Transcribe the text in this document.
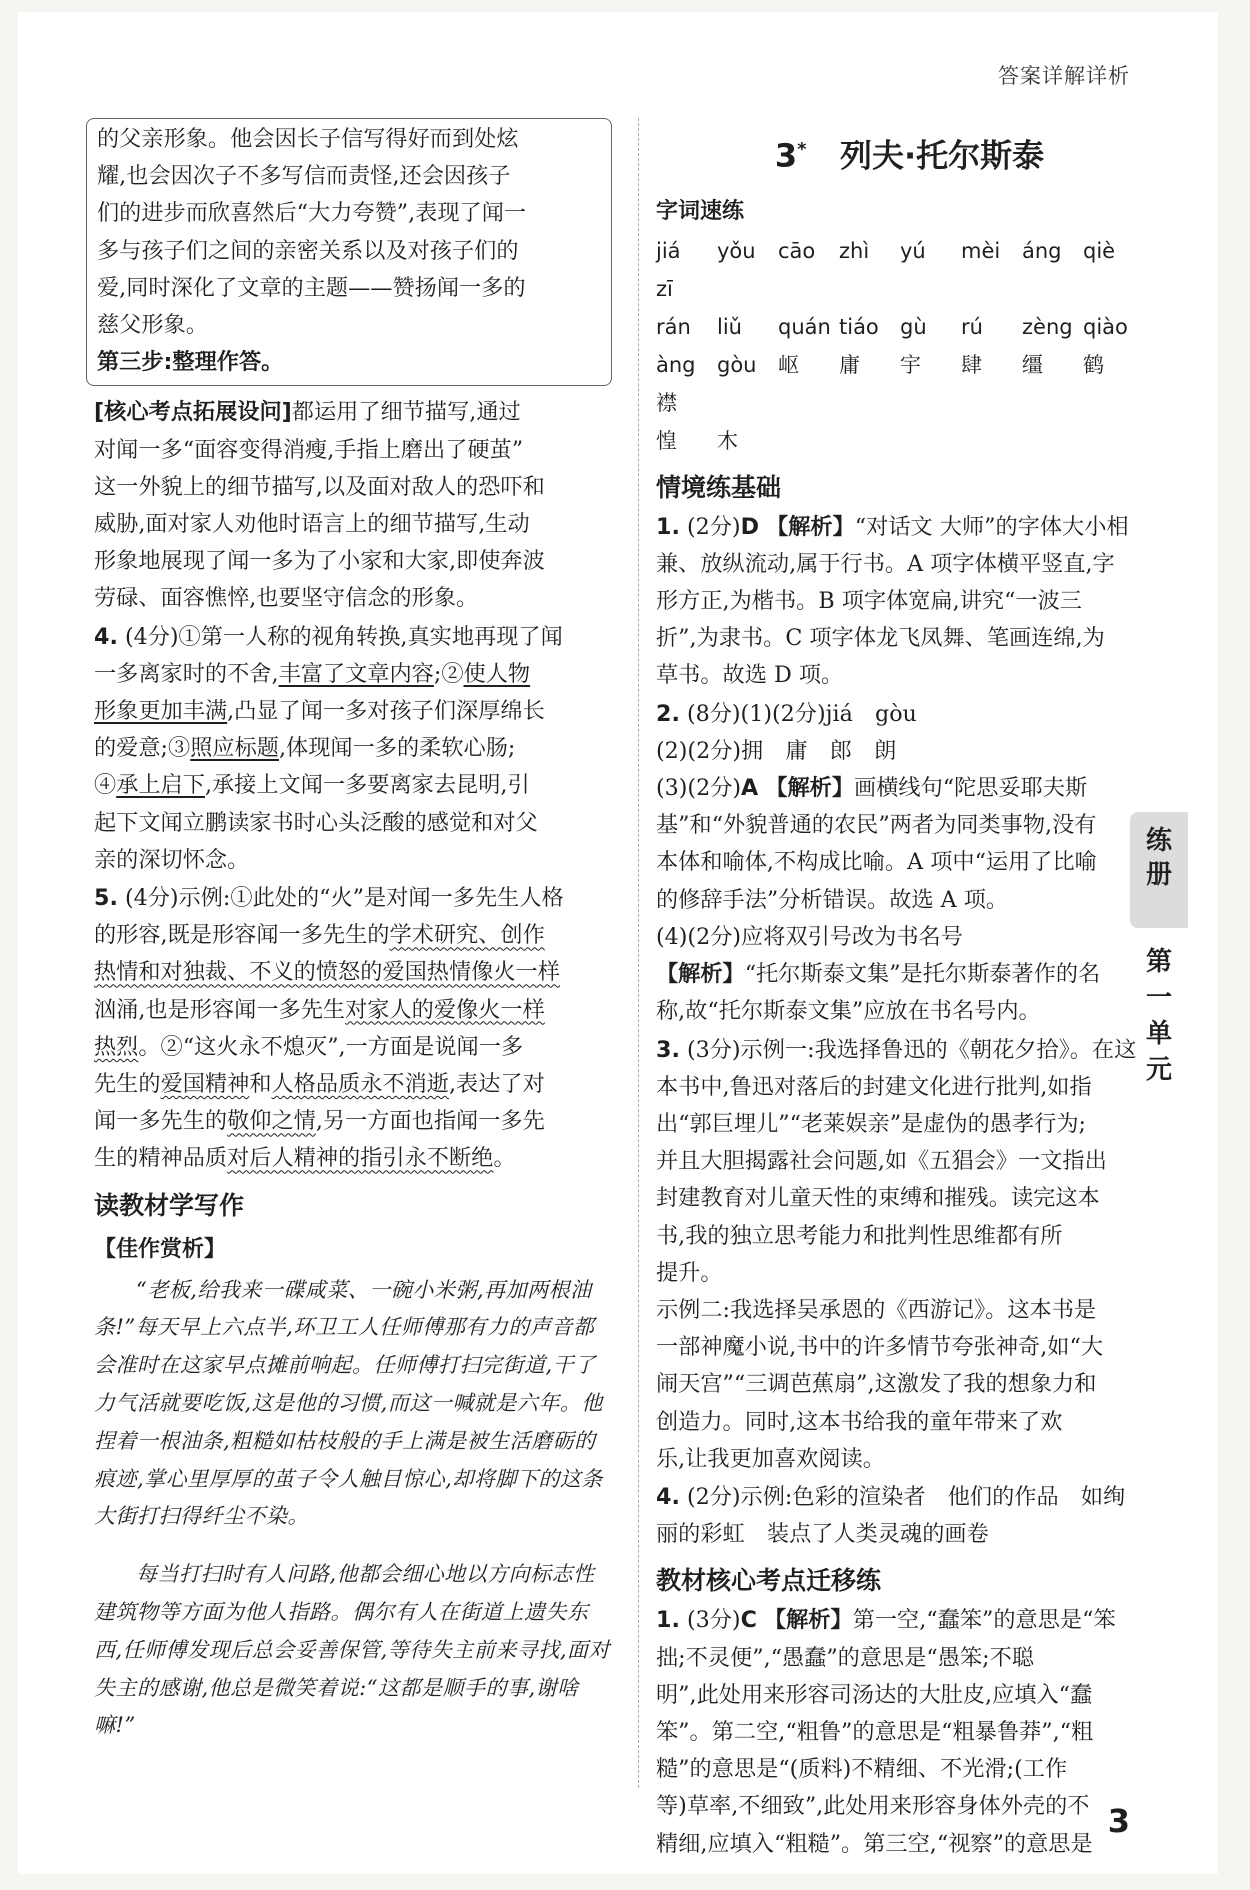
答案详解详析

的父亲形象。他会因长子信写得好而到处炫

耀,也会因次子不多写信而责怪,还会因孩子

们的进步而欣喜然后“大力夸赞”,表现了闻一

多与孩子们之间的亲密关系以及对孩子们的

爱,同时深化了文章的主题——赞扬闻一多的

慈父形象。

第三步:整理作答。

[核心考点拓展设问]都运用了细节描写,通过

对闻一多“面容变得消瘦,手指上磨出了硬茧”

这一外貌上的细节描写,以及面对敌人的恐吓和

威胁,面对家人劝他时语言上的细节描写,生动

形象地展现了闻一多为了小家和大家,即使奔波

劳碌、面容憔悴,也要坚守信念的形象。

4. (4分)①第一人称的视角转换,真实地再现了闻

一多离家时的不舍,丰富了文章内容;②使人物

形象更加丰满,凸显了闻一多对孩子们深厚绵长

的爱意;③照应标题,体现闻一多的柔软心肠;

④承上启下,承接上文闻一多要离家去昆明,引

起下文闻立鹏读家书时心头泛酸的感觉和对父

亲的深切怀念。

5. (4分)示例:①此处的“火”是对闻一多先生人格

的形容,既是形容闻一多先生的学术研究、创作

热情和对独裁、不义的愤怒的爱国热情像火一样

汹涌,也是形容闻一多先生对家人的爱像火一样

热烈。②“这火永不熄灭”,一方面是说闻一多

先生的爱国精神和人格品质永不消逝,表达了对

闻一多先生的敬仰之情,另一方面也指闻一多先

生的精神品质对后人精神的指引永不断绝。

读教材学写作
【佳作赏析】

“老板,给我来一碟咸菜、一碗小米粥,再加两根油条!”每天早上六点半,环卫工人任师傅那有力的声音都会准时在这家早点摊前响起。任师傅打扫完街道,干了力气活就要吃饭,这是他的习惯,而这一喊就是六年。他捏着一根油条,粗糙如枯枝般的手上满是被生活磨砺的痕迹,掌心里厚厚的茧子令人触目惊心,却将脚下的这条大街打扫得纤尘不染。

每当打扫时有人问路,他都会细心地以方向标志性建筑物等方面为他人指路。偶尔有人在街道上遗失东西,任师傅发现后总会妥善保管,等待失主前来寻找,面对失主的感谢,他总是微笑着说:“这都是顺手的事,谢啥嘛!”

3* 列夫·托尔斯泰
字词速练
jiá yǒu cāo zhì yú mèi áng qièzī
rán liǔ quán tiáo gù rú zèng qiào
àng gòu 岖 庸 宇 肆 缰 鹤襟
惶 木
情境练基础

1. (2分)D 【解析】“对话文 大师”的字体大小相

兼、放纵流动,属于行书。A 项字体横平竖直,字

形方正,为楷书。B 项字体宽扁,讲究“一波三

折”,为隶书。C 项字体龙飞凤舞、笔画连绵,为

草书。故选 D 项。

2. (8分)(1)(2分)jiá　gòu

(2)(2分)拥　庸　郎　朗

(3)(2分)A 【解析】画横线句“陀思妥耶夫斯

基”和“外貌普通的农民”两者为同类事物,没有

本体和喻体,不构成比喻。A 项中“运用了比喻

的修辞手法”分析错误。故选 A 项。

(4)(2分)应将双引号改为书名号

【解析】“托尔斯泰文集”是托尔斯泰著作的名

称,故“托尔斯泰文集”应放在书名号内。

3. (3分)示例一:我选择鲁迅的《朝花夕拾》。在这

本书中,鲁迅对落后的封建文化进行批判,如指

出“郭巨埋儿”“老莱娱亲”是虚伪的愚孝行为;

并且大胆揭露社会问题,如《五猖会》一文指出

封建教育对儿童天性的束缚和摧残。读完这本

书,我的独立思考能力和批判性思维都有所

提升。

示例二:我选择吴承恩的《西游记》。这本书是

一部神魔小说,书中的许多情节夸张神奇,如“大

闹天宫”“三调芭蕉扇”,这激发了我的想象力和

创造力。同时,这本书给我的童年带来了欢

乐,让我更加喜欢阅读。

4. (2分)示例:色彩的渲染者　他们的作品　如绚

丽的彩虹　装点了人类灵魂的画卷

教材核心考点迁移练

1. (3分)C 【解析】第一空,“蠢笨”的意思是“笨

拙;不灵便”,“愚蠢”的意思是“愚笨;不聪

明”,此处用来形容司汤达的大肚皮,应填入“蠢

笨”。第二空,“粗鲁”的意思是“粗暴鲁莽”,“粗

糙”的意思是“(质料)不精细、不光滑;(工作

等)草率,不细致”,此处用来形容身体外壳的不

精细,应填入“粗糙”。第三空,“视察”的意思是

练
册
第
一
单
元
3
